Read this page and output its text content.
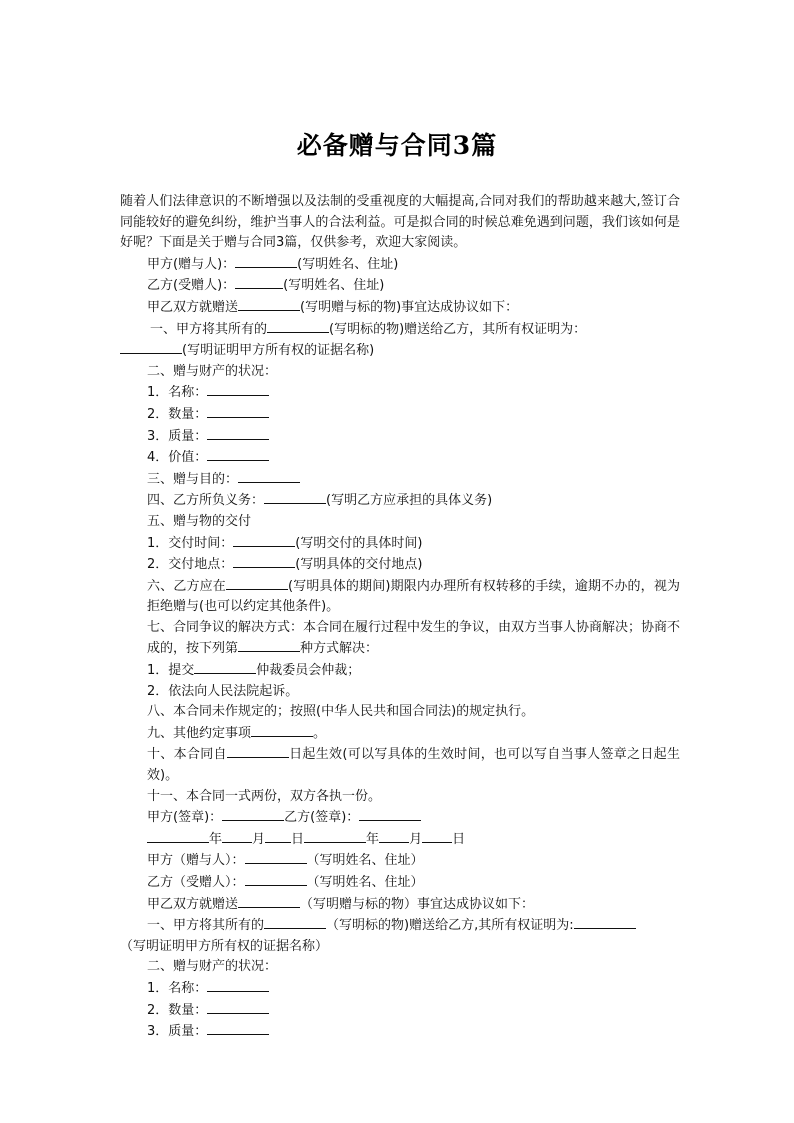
必备赠与合同3篇

随着人们法律意识的不断增强以及法制的受重视度的大幅提高,合同对我们的帮助越来越大,签订合同能较好的避免纠纷，维护当事人的合法利益。可是拟合同的时候总难免遇到问题，我们该如何是好呢？下面是关于赠与合同3篇，仅供参考，欢迎大家阅读。

甲方(赠与人)：	(写明姓名、住址)

乙方(受赠人)：	(写明姓名、住址)

甲乙双方就赠送	(写明赠与标的物)事宜达成协议如下：

一、甲方将其所有的	(写明标的物)赠送给乙方，其所有权证明为：

(写明证明甲方所有权的证据名称)

二、赠与财产的状况：

1．名称：

2．数量：

3．质量：

4．价值：

三、赠与目的：

四、乙方所负义务：	(写明乙方应承担的具体义务)

五、赠与物的交付

1．交付时间：	(写明交付的具体时间)

2．交付地点：	(写明具体的交付地点)

六、乙方应在	(写明具体的期间)期限内办理所有权转移的手续，逾期不办的，视为拒绝赠与(也可以约定其他条件)。

七、合同争议的解决方式：本合同在履行过程中发生的争议，由双方当事人协商解决；协商不成的，按下列第	种方式解决：

1．提交	仲裁委员会仲裁；

2．依法向人民法院起诉。

八、本合同未作规定的；按照(中华人民共和国合同法)的规定执行。

九、其他约定事项	。

十、本合同自	日起生效(可以写具体的生效时间，也可以写自当事人签章之日起生效)。

十一、本合同一式两份，双方各执一份。

甲方(签章)：	乙方(签章)：

年 月 日	年 月 日

甲方（赠与人）：	（写明姓名、住址）

乙方（受赠人）：	（写明姓名、住址）

甲乙双方就赠送	（写明赠与标的物）事宜达成协议如下：

一、甲方将其所有的	（写明标的物)赠送给乙方,其所有权证明为:

（写明证明甲方所有权的证据名称）

二、赠与财产的状况：

1．名称：

2．数量：

3．质量：
